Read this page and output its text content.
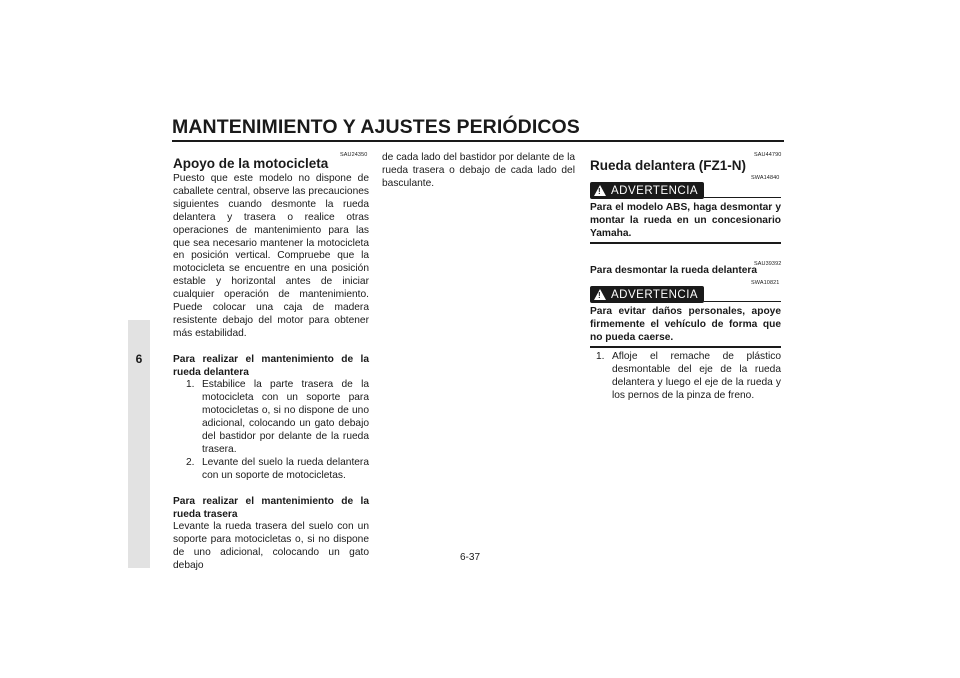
MANTENIMIENTO Y AJUSTES PERIÓDICOS
6
SAU24350
Apoyo de la motocicleta

Puesto que este modelo no dispone de caballete central, observe las precauciones siguientes cuando desmonte la rueda delantera y trasera o realice otras operaciones de mantenimiento para las que sea necesario mantener la motocicleta en posición vertical. Compruebe que la motocicleta se encuentre en una posición estable y horizontal antes de iniciar cualquier operación de mantenimiento. Puede colocar una caja de madera resistente debajo del motor para obtener más estabilidad.

Para realizar el mantenimiento de la rueda delantera

1. Estabilice la parte trasera de la motocicleta con un soporte para motocicletas o, si no dispone de uno adicional, colocando un gato debajo del bastidor por delante de la rueda trasera.
2. Levante del suelo la rueda delantera con un soporte de motocicletas.

Para realizar el mantenimiento de la rueda trasera

Levante la rueda trasera del suelo con un soporte para motocicletas o, si no dispone de uno adicional, colocando un gato debajo

de cada lado del bastidor por delante de la rueda trasera o debajo de cada lado del basculante.

SAU44790
Rueda delantera (FZ1-N)
SWA14840
! ADVERTENCIA
Para el modelo ABS, haga desmontar y montar la rueda en un concesionario Yamaha.
SAU39392
Para desmontar la rueda delantera
SWA10821
! ADVERTENCIA
Para evitar daños personales, apoye firmemente el vehículo de forma que no pueda caerse.
1. Afloje el remache de plástico desmontable del eje de la rueda delantera y luego el eje de la rueda y los pernos de la pinza de freno.
6-37
